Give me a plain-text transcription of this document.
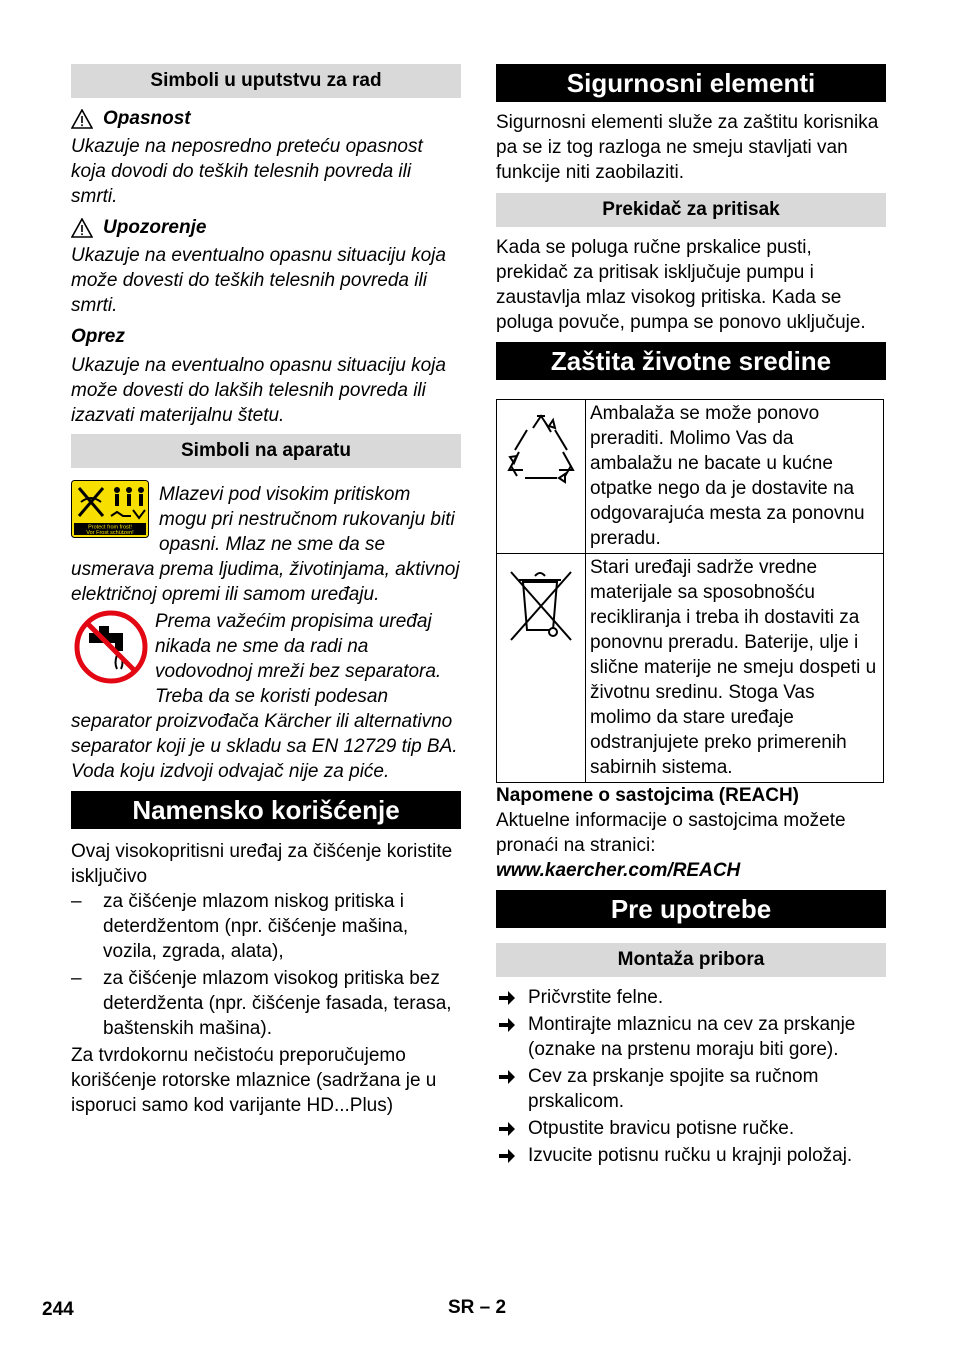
Simboli u uputstvu za rad
Opasnost

Ukazuje na neposredno preteću opasnost koja dovodi do teških telesnih povreda ili smrti.

Upozorenje

Ukazuje na eventualno opasnu situaciju koja može dovesti do teških telesnih povreda ili smrti.

Oprez

Ukazuje na eventualno opasnu situaciju koja može dovesti do lakših telesnih povreda ili izazvati materijalnu štetu.

Simboli na aparatu
Protect from frost!
Vor Frost schützen!

Mlazevi pod visokim pritiskom mogu pri nestručnom rukovanju biti opasni. Mlaz ne sme da se usmerava prema ljudima, životinjama, aktivnoj električnoj opremi ili samom uređaju.

Prema važećim propisima uređaj nikada ne sme da radi na vodovodnoj mreži bez separatora. Treba da se koristi podesan separator proizvođača Kärcher ili alternativno separator koji je u skladu sa EN 12729 tip BA.

Voda koju izdvoji odvajač nije za piće.

Namensko korišćenje

Ovaj visokopritisni uređaj za čišćenje koristite isključivo

– za čišćenje mlazom niskog pritiska i deterdžentom (npr. čišćenje mašina, vozila, zgrada, alata),
– za čišćenje mlazom visokog pritiska bez deterdženta (npr. čišćenje fasada, terasa, baštenskih mašina).

Za tvrdokornu nečistoću preporučujemo korišćenje rotorske mlaznice (sadržana je u isporuci samo kod varijante HD...Plus)

Sigurnosni elementi

Sigurnosni elementi služe za zaštitu korisnika pa se iz tog razloga ne smeju stavljati van funkcije niti zaobilaziti.

Prekidač za pritisak

Kada se poluga ručne prskalice pusti, prekidač za pritisak isključuje pumpu i zaustavlja mlaz visokog pritiska. Kada se poluga povuče, pumpa se ponovo uključuje.

Zaštita životne sredine
	Ambalaža se može ponovo preraditi. Molimo Vas da ambalažu ne bacate u kućne otpatke nego da je dostavite na odgovarajuća mesta za ponovnu preradu.
	Stari uređaji sadrže vredne materijale sa sposobnošću recikliranja i treba ih dostaviti za ponovnu preradu. Baterije, ulje i slične materije ne smeju dospeti u životnu sredinu. Stoga Vas molimo da stare uređaje odstranjujete preko primerenih sabirnih sistema.
Napomene o sastojcima (REACH)

Aktuelne informacije o sastojcima možete pronaći na stranici:

www.kaercher.com/REACH
Pre upotrebe
Montaža pribora
Pričvrstite felne.
Montirajte mlaznicu na cev za prskanje (oznake na prstenu moraju biti gore).
Cev za prskanje spojite sa ručnom prskalicom.
Otpustite bravicu potisne ručke.
Izvucite potisnu ručku u krajnji položaj.
244	SR – 2
